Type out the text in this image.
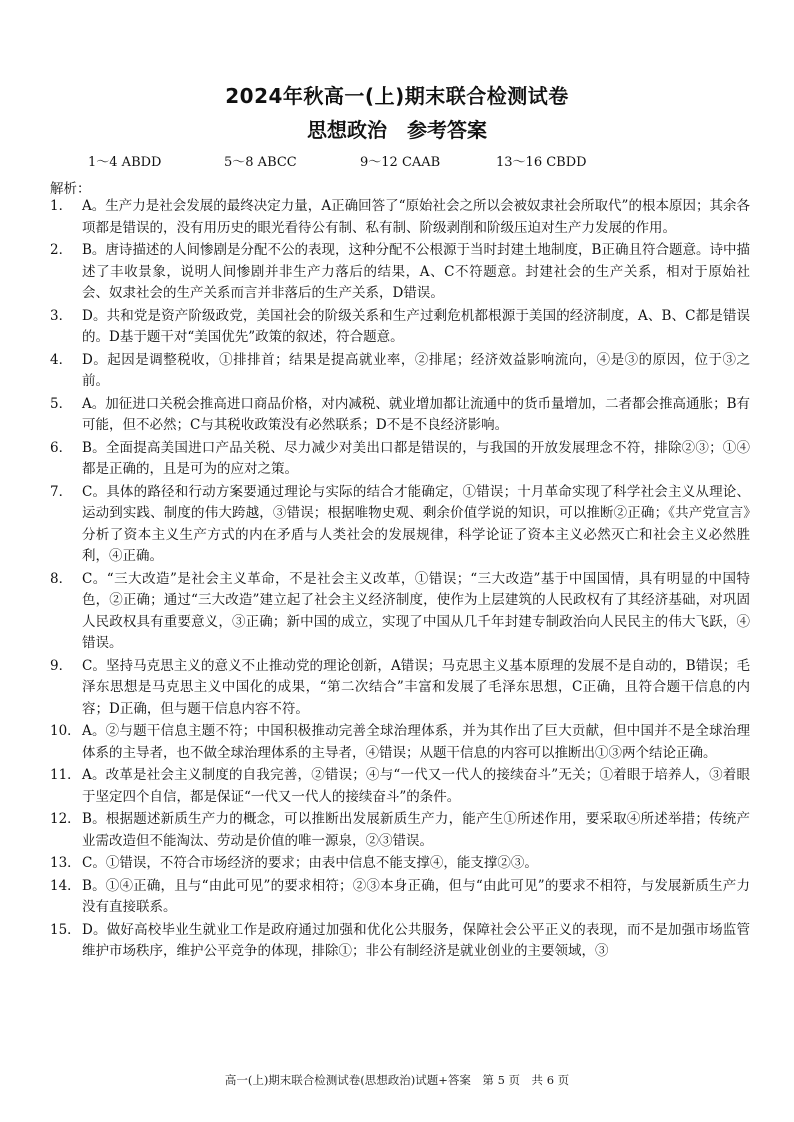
2024年秋高一(上)期末联合检测试卷
思想政治　参考答案
1～4 ABDD	5～8 ABCC	9～12 CAAB	13～16 CBDD
解析：
1． A。生产力是社会发展的最终决定力量，A正确回答了“原始社会之所以会被奴隶社会所取代”的根本原因；其余各项都是错误的，没有用历史的眼光看待公有制、私有制、阶级剥削和阶级压迫对生产力发展的作用。
2． B。唐诗描述的人间惨剧是分配不公的表现，这种分配不公根源于当时封建土地制度，B正确且符合题意。诗中描述了丰收景象，说明人间惨剧并非生产力落后的结果，A、C不符题意。封建社会的生产关系，相对于原始社会、奴隶社会的生产关系而言并非落后的生产关系，D错误。
3． D。共和党是资产阶级政党，美国社会的阶级关系和生产过剩危机都根源于美国的经济制度，A、B、C都是错误的。D基于题干对“美国优先”政策的叙述，符合题意。
4． D。起因是调整税收，①排排首；结果是提高就业率，②排尾；经济效益影响流向，④是③的原因，位于③之前。
5． A。加征进口关税会推高进口商品价格，对内减税、就业增加都让流通中的货币量增加，二者都会推高通胀；B有可能，但不必然；C与其税收政策没有必然联系；D不是不良经济影响。
6． B。全面提高美国进口产品关税、尽力减少对美出口都是错误的，与我国的开放发展理念不符，排除②③；①④都是正确的，且是可为的应对之策。
7． C。具体的路径和行动方案要通过理论与实际的结合才能确定，①错误；十月革命实现了科学社会主义从理论、运动到实践、制度的伟大跨越，③错误；根据唯物史观、剩余价值学说的知识，可以推断②正确；《共产党宣言》分析了资本主义生产方式的内在矛盾与人类社会的发展规律，科学论证了资本主义必然灭亡和社会主义必然胜利，④正确。
8． C。“三大改造”是社会主义革命，不是社会主义改革，①错误；“三大改造”基于中国国情，具有明显的中国特色，②正确；通过“三大改造”建立起了社会主义经济制度，使作为上层建筑的人民政权有了其经济基础，对巩固人民政权具有重要意义，③正确；新中国的成立，实现了中国从几千年封建专制政治向人民民主的伟大飞跃，④错误。
9． C。坚持马克思主义的意义不止推动党的理论创新，A错误；马克思主义基本原理的发展不是自动的，B错误；毛泽东思想是马克思主义中国化的成果，“第二次结合”丰富和发展了毛泽东思想，C正确，且符合题干信息的内容；D正确，但与题干信息内容不符。
10． A。②与题干信息主题不符；中国积极推动完善全球治理体系，并为其作出了巨大贡献，但中国并不是全球治理体系的主导者，也不做全球治理体系的主导者，④错误；从题干信息的内容可以推断出①③两个结论正确。
11． A。改革是社会主义制度的自我完善，②错误；④与“一代又一代人的接续奋斗”无关；①着眼于培养人，③着眼于坚定四个自信，都是保证“一代又一代人的接续奋斗”的条件。
12． B。根据题述新质生产力的概念，可以推断出发展新质生产力，能产生①所述作用，要采取④所述举措；传统产业需改造但不能淘汰、劳动是价值的唯一源泉，②③错误。
13． C。①错误，不符合市场经济的要求；由表中信息不能支撑④，能支撑②③。
14． B。①④正确，且与“由此可见”的要求相符；②③本身正确，但与“由此可见”的要求不相符，与发展新质生产力没有直接联系。
15． D。做好高校毕业生就业工作是政府通过加强和优化公共服务，保障社会公平正义的表现，而不是加强市场监管维护市场秩序，维护公平竞争的体现，排除①；非公有制经济是就业创业的主要领域，③
高一(上)期末联合检测试卷(思想政治)试题+答案　第 5 页　共 6 页
